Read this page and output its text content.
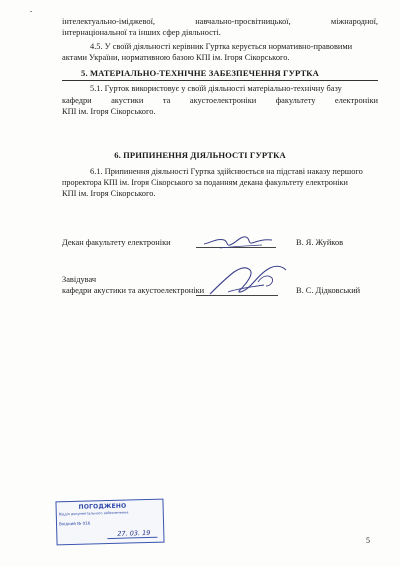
-
інтелектуально-іміджевої,	навчально-просвітницької,	міжнародної,
інтернаціональної та інших сфер діяльності.
4.5. У своїй діяльності керівник Гуртка керується нормативно-правовими
актами України, нормативною базою КПІ ім. Ігоря Сікорського.
5. МАТЕРІАЛЬНО-ТЕХНІЧНЕ ЗАБЕЗПЕЧЕННЯ ГУРТКА
5.1. Гурток використовує у своїй діяльності матеріально-технічну базу
кафедри акустики та акустоелектроніки факультету електроніки
КПІ ім. Ігоря Сікорського.
6. ПРИПИНЕННЯ ДІЯЛЬНОСТІ ГУРТКА
6.1. Припинення діяльності Гуртка здійснюється на підставі наказу першого
проректора КПІ ім. Ігоря Сікорського за поданням декана факультету електроніки
КПІ ім. Ігоря Сікорського.
Декан факультету електроніки	В. Я. Жуйков
Завідувач
кафедри акустики та акустоелектроніки	В. С. Дідковський
ПОГОДЖЕНО
Відділ документального забезпечення
Вхідний № 016
27. 03. 19
5
